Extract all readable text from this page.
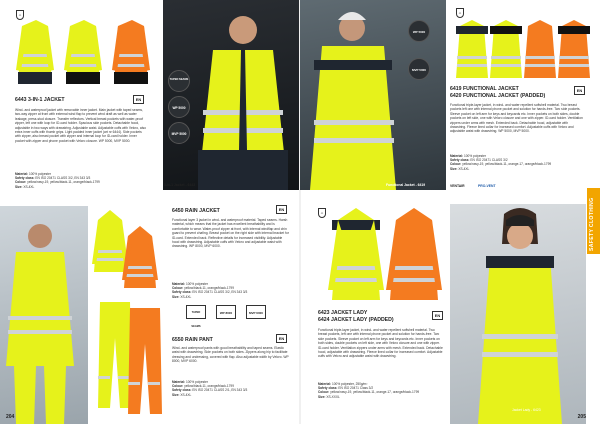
⚠
6443 3-IN-1 JACKET	EN
Wind- and waterproof jacket with removable inner jacket. Main jacket with taped seams, two-way zipper at front with external wind flap to prevent wind draft as well as water leakage, press-stud closure. Transfer reflectors. Vertical breast pockets with water-proof zipper, left one with loop for ID-card holder. Spacious side pockets. Detachable hood, adjustable in two ways with drawstring. Adjustable waist. Adjustable cuffs with Velcro, also extra inner cuffs with thumb grips. Light padded inner jacket (art nr 6444). Side pockets with zipper, also breast pocket with zipper and internal loop for ID-card holder. Inner pocket with zipper and phone pocket with Velcro closure. WP 5000, MVP 5000.
Material: 100% polyester
Safety class: EN ISO 20471 CLASS 3/2, EN 343 3/3
Colour: yellow/navy-19, yellow/black-11, orange/black-1799
Size: XS-4XL
TAPED SEAMS
WP 5000
MVP 5000
3-in-1 Jacket - 6443
6450 RAIN JACKET	EN
Functional layer 3 jacket in wind- and waterproof material. Taped seams. Harsh material, which means that the jacket has excellent breathability and is comfortable to wear. Water-proof zipper at front, with internal windflap and chin guard to prevent chafing. Breast pocket on the right side with internal bracket for ID-card. Extended back. Reflective details for increased visibility. Adjustable hood with drawstring. Adjustable cuffs with Velcro and adjustable waist with drawstring. WP 8000, MVP 6000.
Material: 100% polyester
Colour: yellow/black-11, orange/black-1799
Safety class: EN ISO 20471 CLASS 3/2, EN 343 3/3
Size: XS-4XL
TAPED SEAMS
WP 8000	MVP 6000
6550 RAIN PANT	EN
Wind- and waterproof pants with good breathability and taped seams. Elastic waist with drawstring. Side pockets on both sides. Zippers along hip to facilitate dressing and undressing, covered with flap. Also adjustable width by Velcro. WP 8000, MVP 6000.
Material: 100% polyester
Colour: yellow/black-11, orange/black-1799
Safety class: EN ISO 20471 CLASS 2/1, EN 343 3/3
Size: XS-4XL
204
WP 5000
MVP 5000
Functional Jacket - 6419
⚠
6419 FUNCTIONAL JACKET
6420 FUNCTIONAL JACKET (PADDED)
EN
Functional triple-layer jacket, in wind- and water repellent softshell material. Two breast pockets left one with internal phone pocket and solution for hands-free. Two side pockets. Sleeve pocket on left arm for keys and keycards etc. Inner pockets on both sides, double pockets on left side, one with Velcro closure and one with zipper. ID-card holder. Ventilation zippers under arms with mesh. Extended back. Detachable hood, adjustable with drawstring. Fleece lined collar for increased comfort. Adjustable cuffs with Velcro and adjustable waist with drawstring. WP 5000, MVP 5000.
Material: 100% polyester
Safety class: EN ISO 20471 CLASS 3/2
Colour: yellow/navy-19, yellow/black-11, orange-17, orange/black-1799
Size: XS-4XL
VENTAIR	PRO-VENT
⚠
6423 JACKET LADY
6424 JACKET LADY (PADDED)
EN
Functional triple-layer jacket, in wind- and water repellent softshell material. Two breast pockets, left one with internal phone pocket and solution for hands-free. Two side pockets. Sleeve pocket on left arm for keys and keycards etc. Inner pockets on both sides, double pockets on left side, one with Velcro closure and one with zipper. ID-card holder. Ventilation zippers under arms with mesh. Extended back. Detachable hood, adjustable with drawstring. Fleece lined collar for increased comfort. Adjustable cuffs with Velcro and adjustable waist with drawstring.
Material: 100% polyester, 250g/m²
Safety class: EN ISO 20471 Class 3/2
Colour: yellow/navy-19, yellow/black-11, orange-17, orange/black-1799
Size: XS-XXXL
Jacket Lady - 6423
SAFETY CLOTHING
205
